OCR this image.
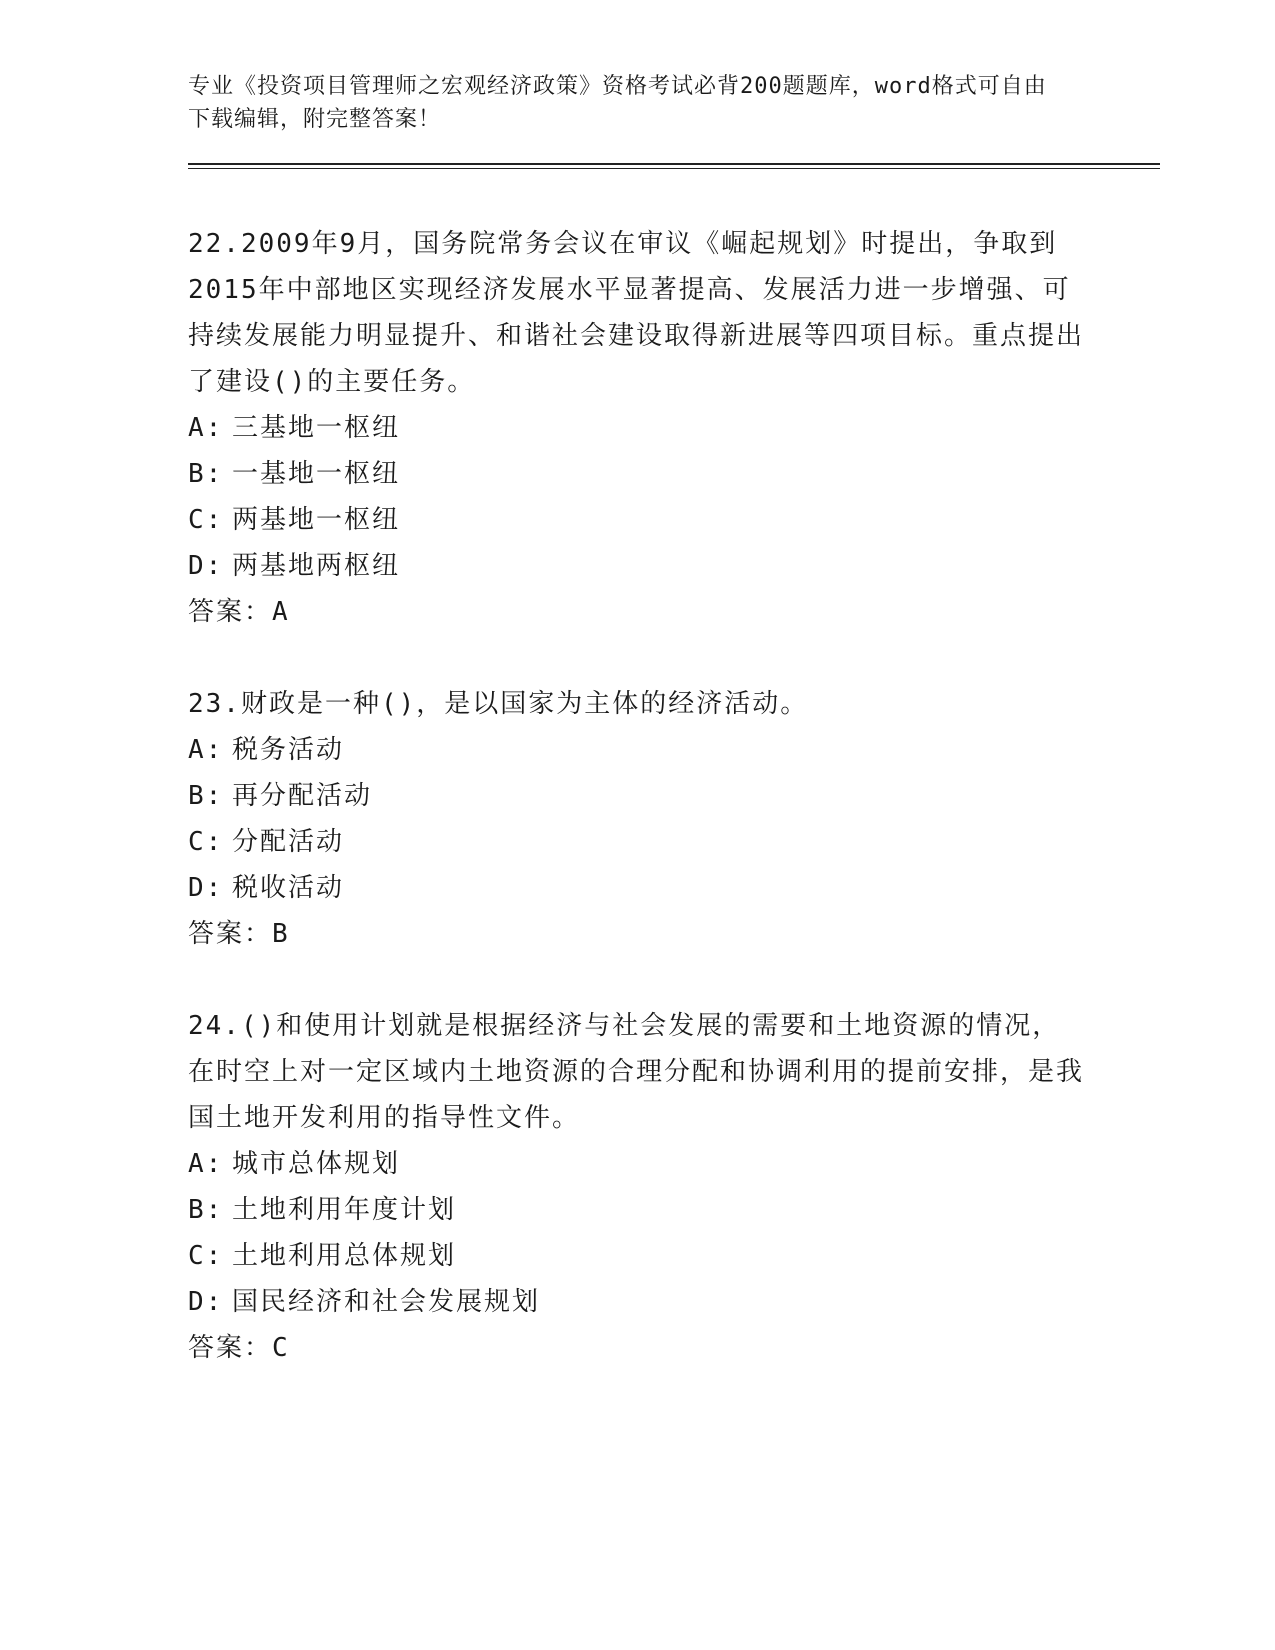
专业《投资项目管理师之宏观经济政策》资格考试必背200题题库，word格式可自由下载编辑，附完整答案！
22.2009年9月，国务院常务会议在审议《崛起规划》时提出，争取到2015年中部地区实现经济发展水平显著提高、发展活力进一步增强、可持续发展能力明显提升、和谐社会建设取得新进展等四项目标。重点提出了建设()的主要任务。
A: 三基地一枢纽
B: 一基地一枢纽
C: 两基地一枢纽
D: 两基地两枢纽
答案：A
23.财政是一种()，是以国家为主体的经济活动。
A: 税务活动
B: 再分配活动
C: 分配活动
D: 税收活动
答案：B
24.()和使用计划就是根据经济与社会发展的需要和土地资源的情况，在时空上对一定区域内土地资源的合理分配和协调利用的提前安排，是我国土地开发利用的指导性文件。
A: 城市总体规划
B: 土地利用年度计划
C: 土地利用总体规划
D: 国民经济和社会发展规划
答案：C
